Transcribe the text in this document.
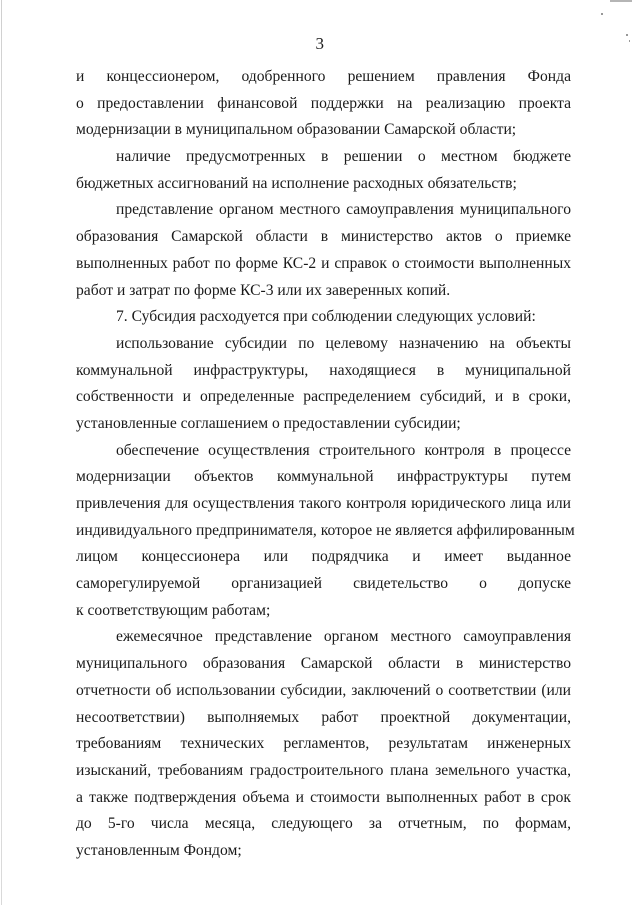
3
и концессионером, одобренного решением правления Фонда
о предоставлении финансовой поддержки на реализацию проекта
модернизации в муниципальном образовании Самарской области;
наличие предусмотренных в решении о местном бюджете
бюджетных ассигнований на исполнение расходных обязательств;
представление органом местного самоуправления муниципального
образования Самарской области в министерство актов о приемке
выполненных работ по форме КС-2 и справок о стоимости выполненных
работ и затрат по форме КС-3 или их заверенных копий.
7. Субсидия расходуется при соблюдении следующих условий:
использование субсидии по целевому назначению на объекты
коммунальной инфраструктуры, находящиеся в муниципальной
собственности и определенные распределением субсидий, и в сроки,
установленные соглашением о предоставлении субсидии;
обеспечение осуществления строительного контроля в процессе
модернизации объектов коммунальной инфраструктуры путем
привлечения для осуществления такого контроля юридического лица или
индивидуального предпринимателя, которое не является аффилированным
лицом концессионера или подрядчика и имеет выданное
саморегулируемой организацией свидетельство о допуске
к соответствующим работам;
ежемесячное представление органом местного самоуправления
муниципального образования Самарской области в министерство
отчетности об использовании субсидии, заключений о соответствии (или
несоответствии) выполняемых работ проектной документации,
требованиям технических регламентов, результатам инженерных
изысканий, требованиям градостроительного плана земельного участка,
а также подтверждения объема и стоимости выполненных работ в срок
до 5-го числа месяца, следующего за отчетным, по формам,
установленным Фондом;
